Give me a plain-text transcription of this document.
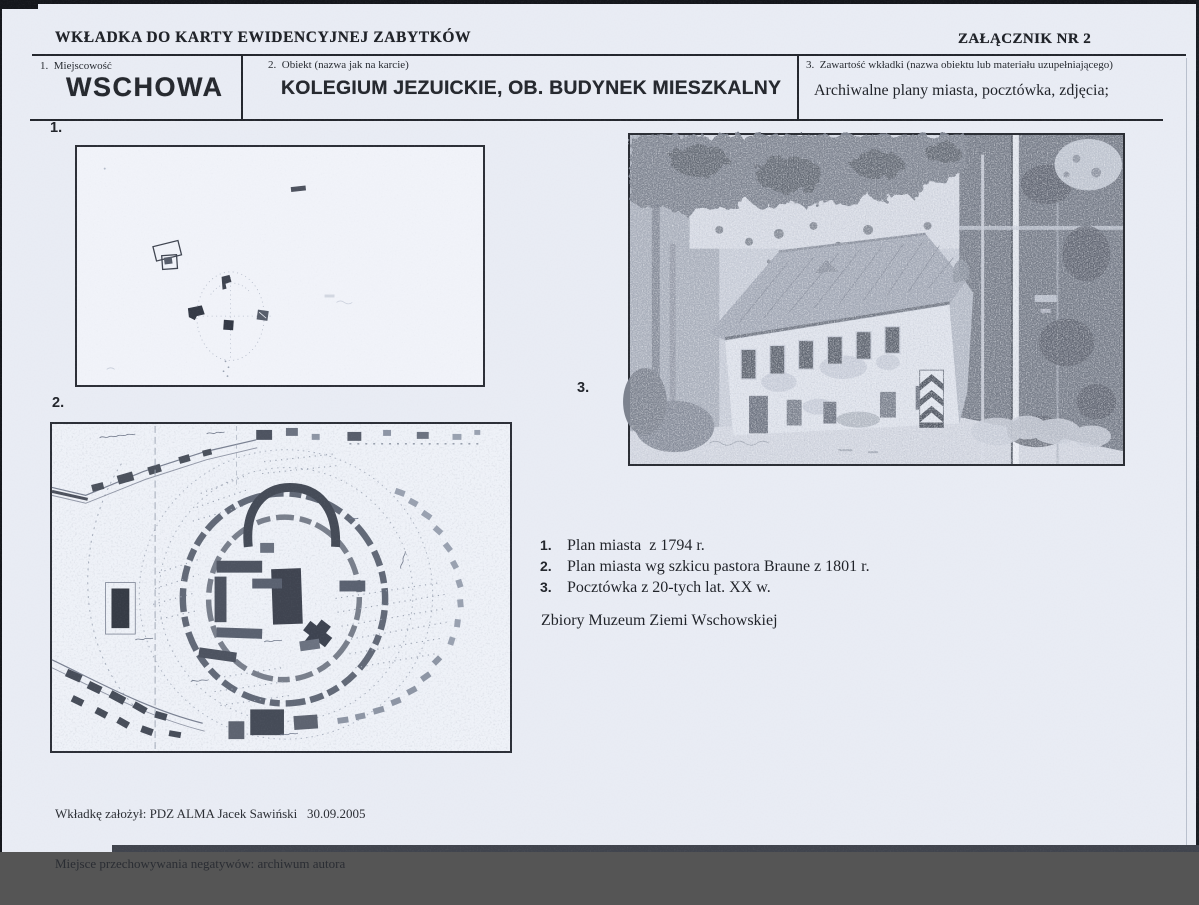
WKŁADKA DO KARTY EWIDENCYJNEJ ZABYTKÓW	ZAŁĄCZNIK NR 2
1.  Miejscowość
WSCHOWA
2.  Obiekt (nazwa jak na karcie)
KOLEGIUM JEZUICKIE, OB. BUDYNEK MIESZKALNY
3.  Zawartość wkładki (nazwa obiektu lub materiału uzupełniającego)
Archiwalne plany miasta, pocztówka, zdjęcia;
1.
2.
3.
1. Plan miasta  z 1794 r.
2. Plan miasta wg szkicu pastora Braune z 1801 r.
3. Pocztówka z 20-tych lat. XX w.
Zbiory Muzeum Ziemi Wschowskiej

Wkładkę założył: PDZ ALMA Jacek Sawiński   30.09.2005

Miejsce przechowywania negatywów: archiwum autora
